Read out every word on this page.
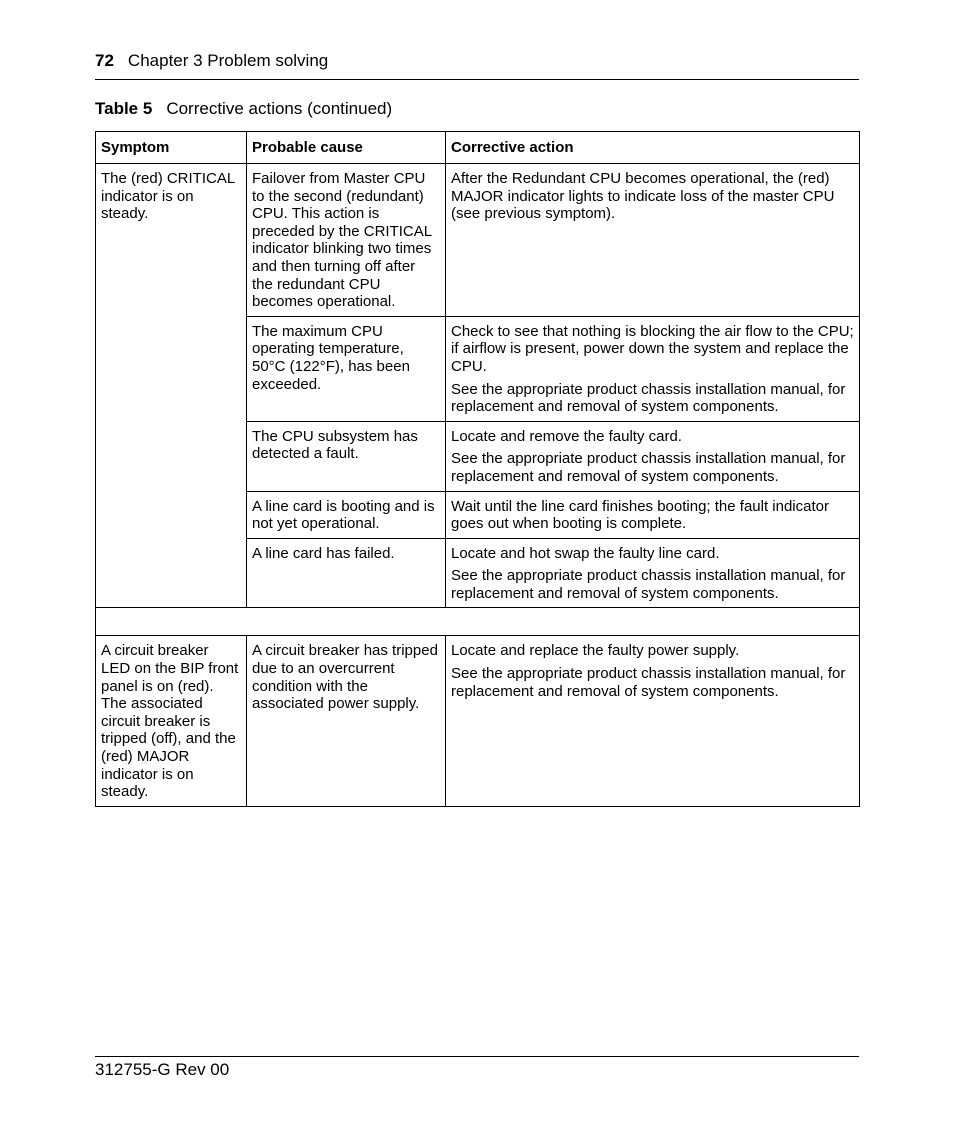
72 Chapter 3 Problem solving
Table 5 Corrective actions (continued)
Symptom	Probable cause	Corrective action
The (red) CRITICAL indicator is on steady.	Failover from Master CPU to the second (redundant) CPU. This action is preceded by the CRITICAL indicator blinking two times and then turning off after the redundant CPU becomes operational.	After the Redundant CPU becomes operational, the (red) MAJOR indicator lights to indicate loss of the master CPU (see previous symptom).

	The maximum CPU operating temperature, 50°C (122°F), has been exceeded.	Check to see that nothing is blocking the air flow to the CPU; if airflow is present, power down the system and replace the CPU.

See the appropriate product chassis installation manual, for replacement and removal of system components.

	The CPU subsystem has detected a fault.	Locate and remove the faulty card.

See the appropriate product chassis installation manual, for replacement and removal of system components.

	A line card is booting and is not yet operational.	Wait until the line card finishes booting; the fault indicator goes out when booting is complete.

	A line card has failed.	Locate and hot swap the faulty line card.

See the appropriate product chassis installation manual, for replacement and removal of system components.

A circuit breaker LED on the BIP front panel is on (red). The associated circuit breaker is tripped (off), and the (red) MAJOR indicator is on steady.	A circuit breaker has tripped due to an overcurrent condition with the associated power supply.	Locate and replace the faulty power supply.

See the appropriate product chassis installation manual, for replacement and removal of system components.

312755-G Rev 00
